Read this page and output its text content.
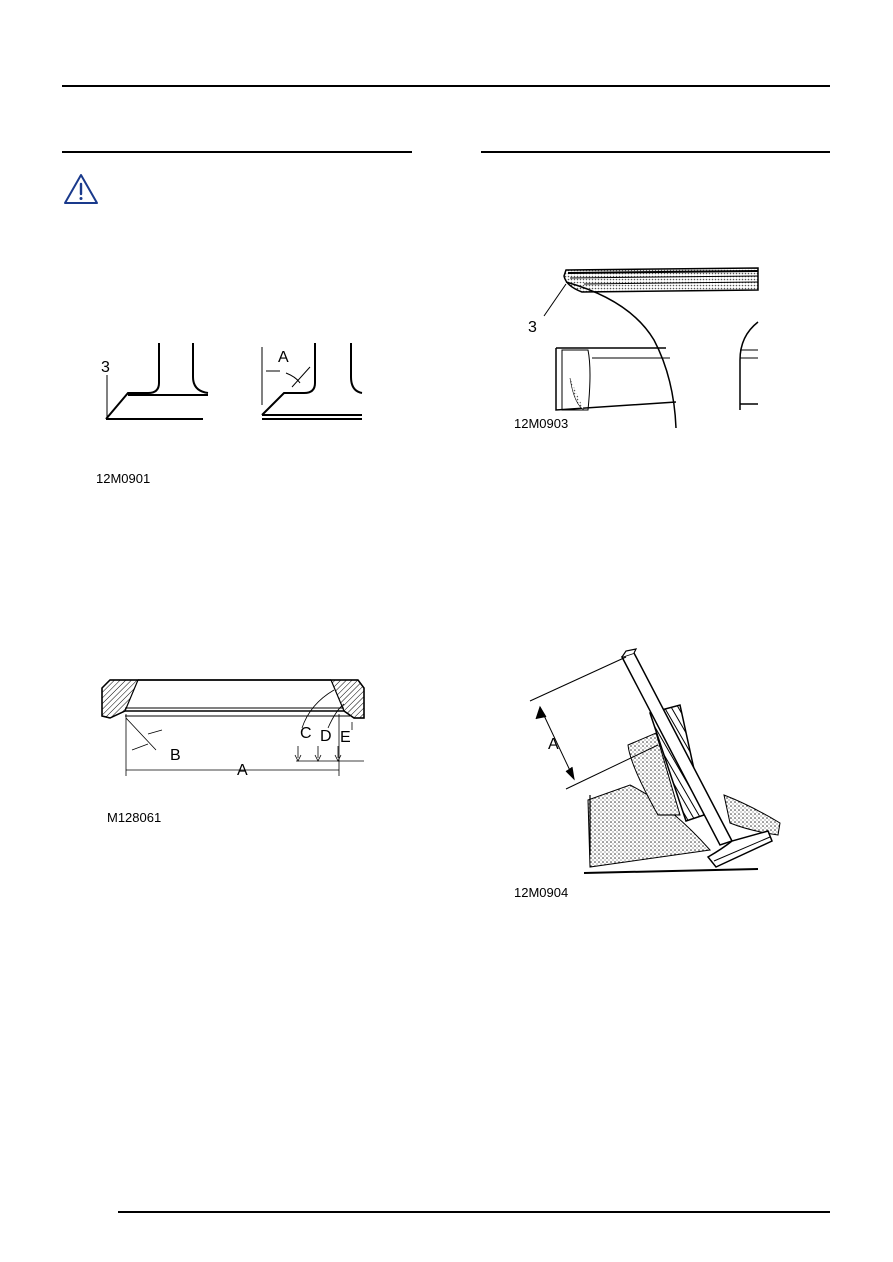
3
A
12M0901
A
B
C D E
M128061
3
12M0903
A
12M0904
